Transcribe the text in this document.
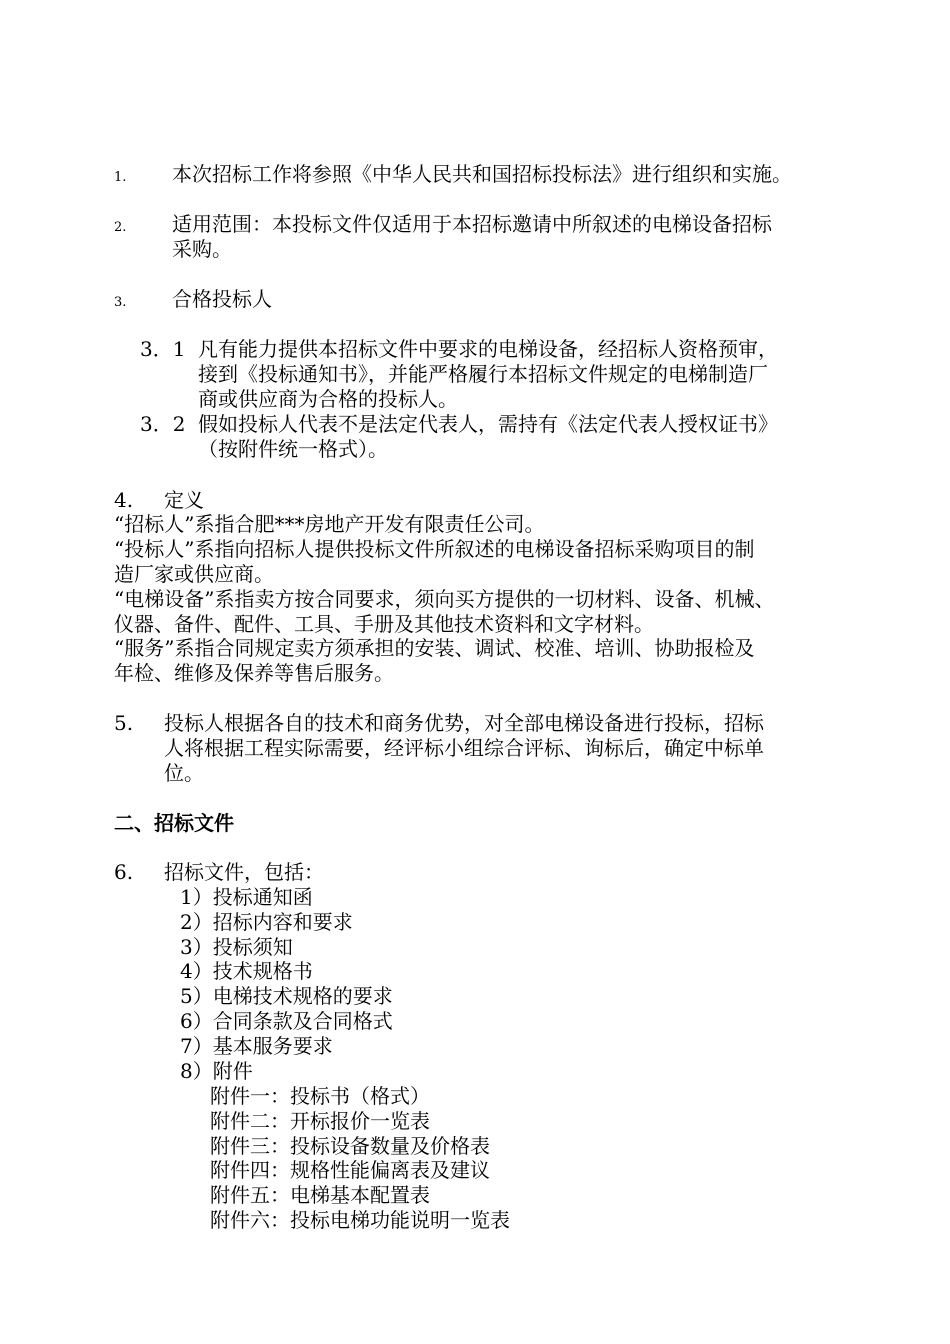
1. 本次招标工作将参照《中华人民共和国招标投标法》进行组织和实施。
2. 适用范围：本投标文件仅适用于本招标邀请中所叙述的电梯设备招标
采购。
3. 合格投标人
3．1 凡有能力提供本招标文件中要求的电梯设备，经招标人资格预审，
接到《投标通知书》，并能严格履行本招标文件规定的电梯制造厂
商或供应商为合格的投标人。
3．2 假如投标人代表不是法定代表人，需持有《法定代表人授权证书》
（按附件统一格式）。
4. 定义
“招标人”系指合肥***房地产开发有限责任公司。
“投标人”系指向招标人提供投标文件所叙述的电梯设备招标采购项目的制
造厂家或供应商。
“电梯设备”系指卖方按合同要求，须向买方提供的一切材料、设备、机械、
仪器、备件、配件、工具、手册及其他技术资料和文字材料。
“服务”系指合同规定卖方须承担的安装、调试、校准、培训、协助报检及
年检、维修及保养等售后服务。
5. 投标人根据各自的技术和商务优势，对全部电梯设备进行投标，招标
人将根据工程实际需要，经评标小组综合评标、询标后，确定中标单
位。
二、招标文件
6. 招标文件，包括：
1）投标通知函
2）招标内容和要求
3）投标须知
4）技术规格书
5）电梯技术规格的要求
6）合同条款及合同格式
7）基本服务要求
8）附件
附件一：投标书（格式）
附件二：开标报价一览表
附件三：投标设备数量及价格表
附件四：规格性能偏离表及建议
附件五：电梯基本配置表
附件六：投标电梯功能说明一览表
